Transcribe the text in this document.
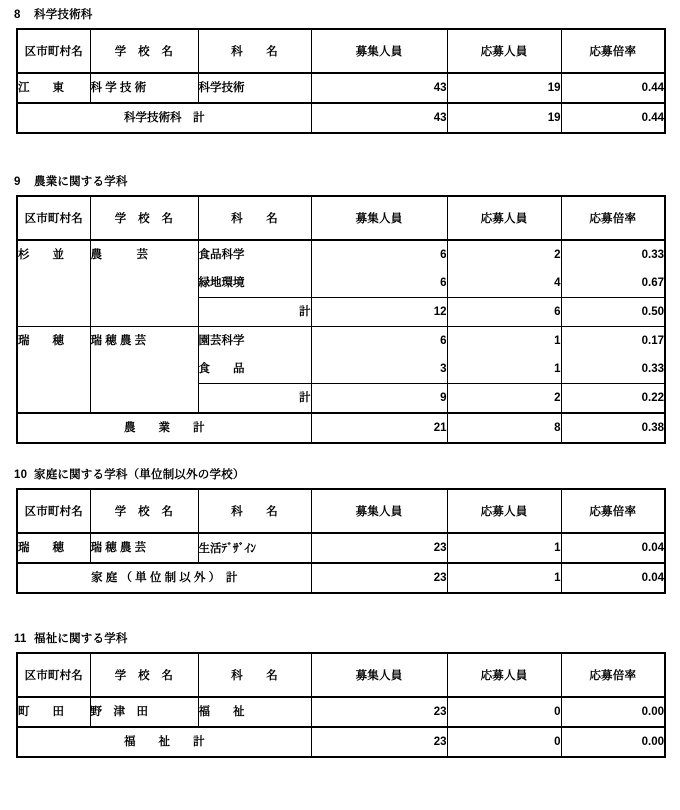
8 科学技術科
区市町村名	学　校　名	科　　名	募集人員	応募人員	応募倍率
江　　東	科 学 技 術	科学技術	43	19	0.44
科学技術科　計			43	19	0.44
9 農業に関する学科
区市町村名	学　校　名	科　　名	募集人員	応募人員	応募倍率
杉　　並	農　　　芸	食品科学	6	2	0.33
		緑地環境	6	4	0.67
		計	12	6	0.50
瑞　　穂	瑞 穂 農 芸	園芸科学	6	1	0.17
		食　　品	3	1	0.33
		計	9	2	0.22
農　　業　　計			21	8	0.38
10 家庭に関する学科（単位制以外の学校）
区市町村名	学　校　名	科　　名	募集人員	応募人員	応募倍率
瑞　　穂	瑞 穂 農 芸	生活ﾃﾞｻﾞｲﾝ	23	1	0.04
家 庭 （ 単 位 制 以 外 ）　計			23	1	0.04
11 福祉に関する学科
区市町村名	学　校　名	科　　名	募集人員	応募人員	応募倍率
町　　田	野　津　田	福　　祉	23	0	0.00
福　　祉　　計			23	0	0.00
